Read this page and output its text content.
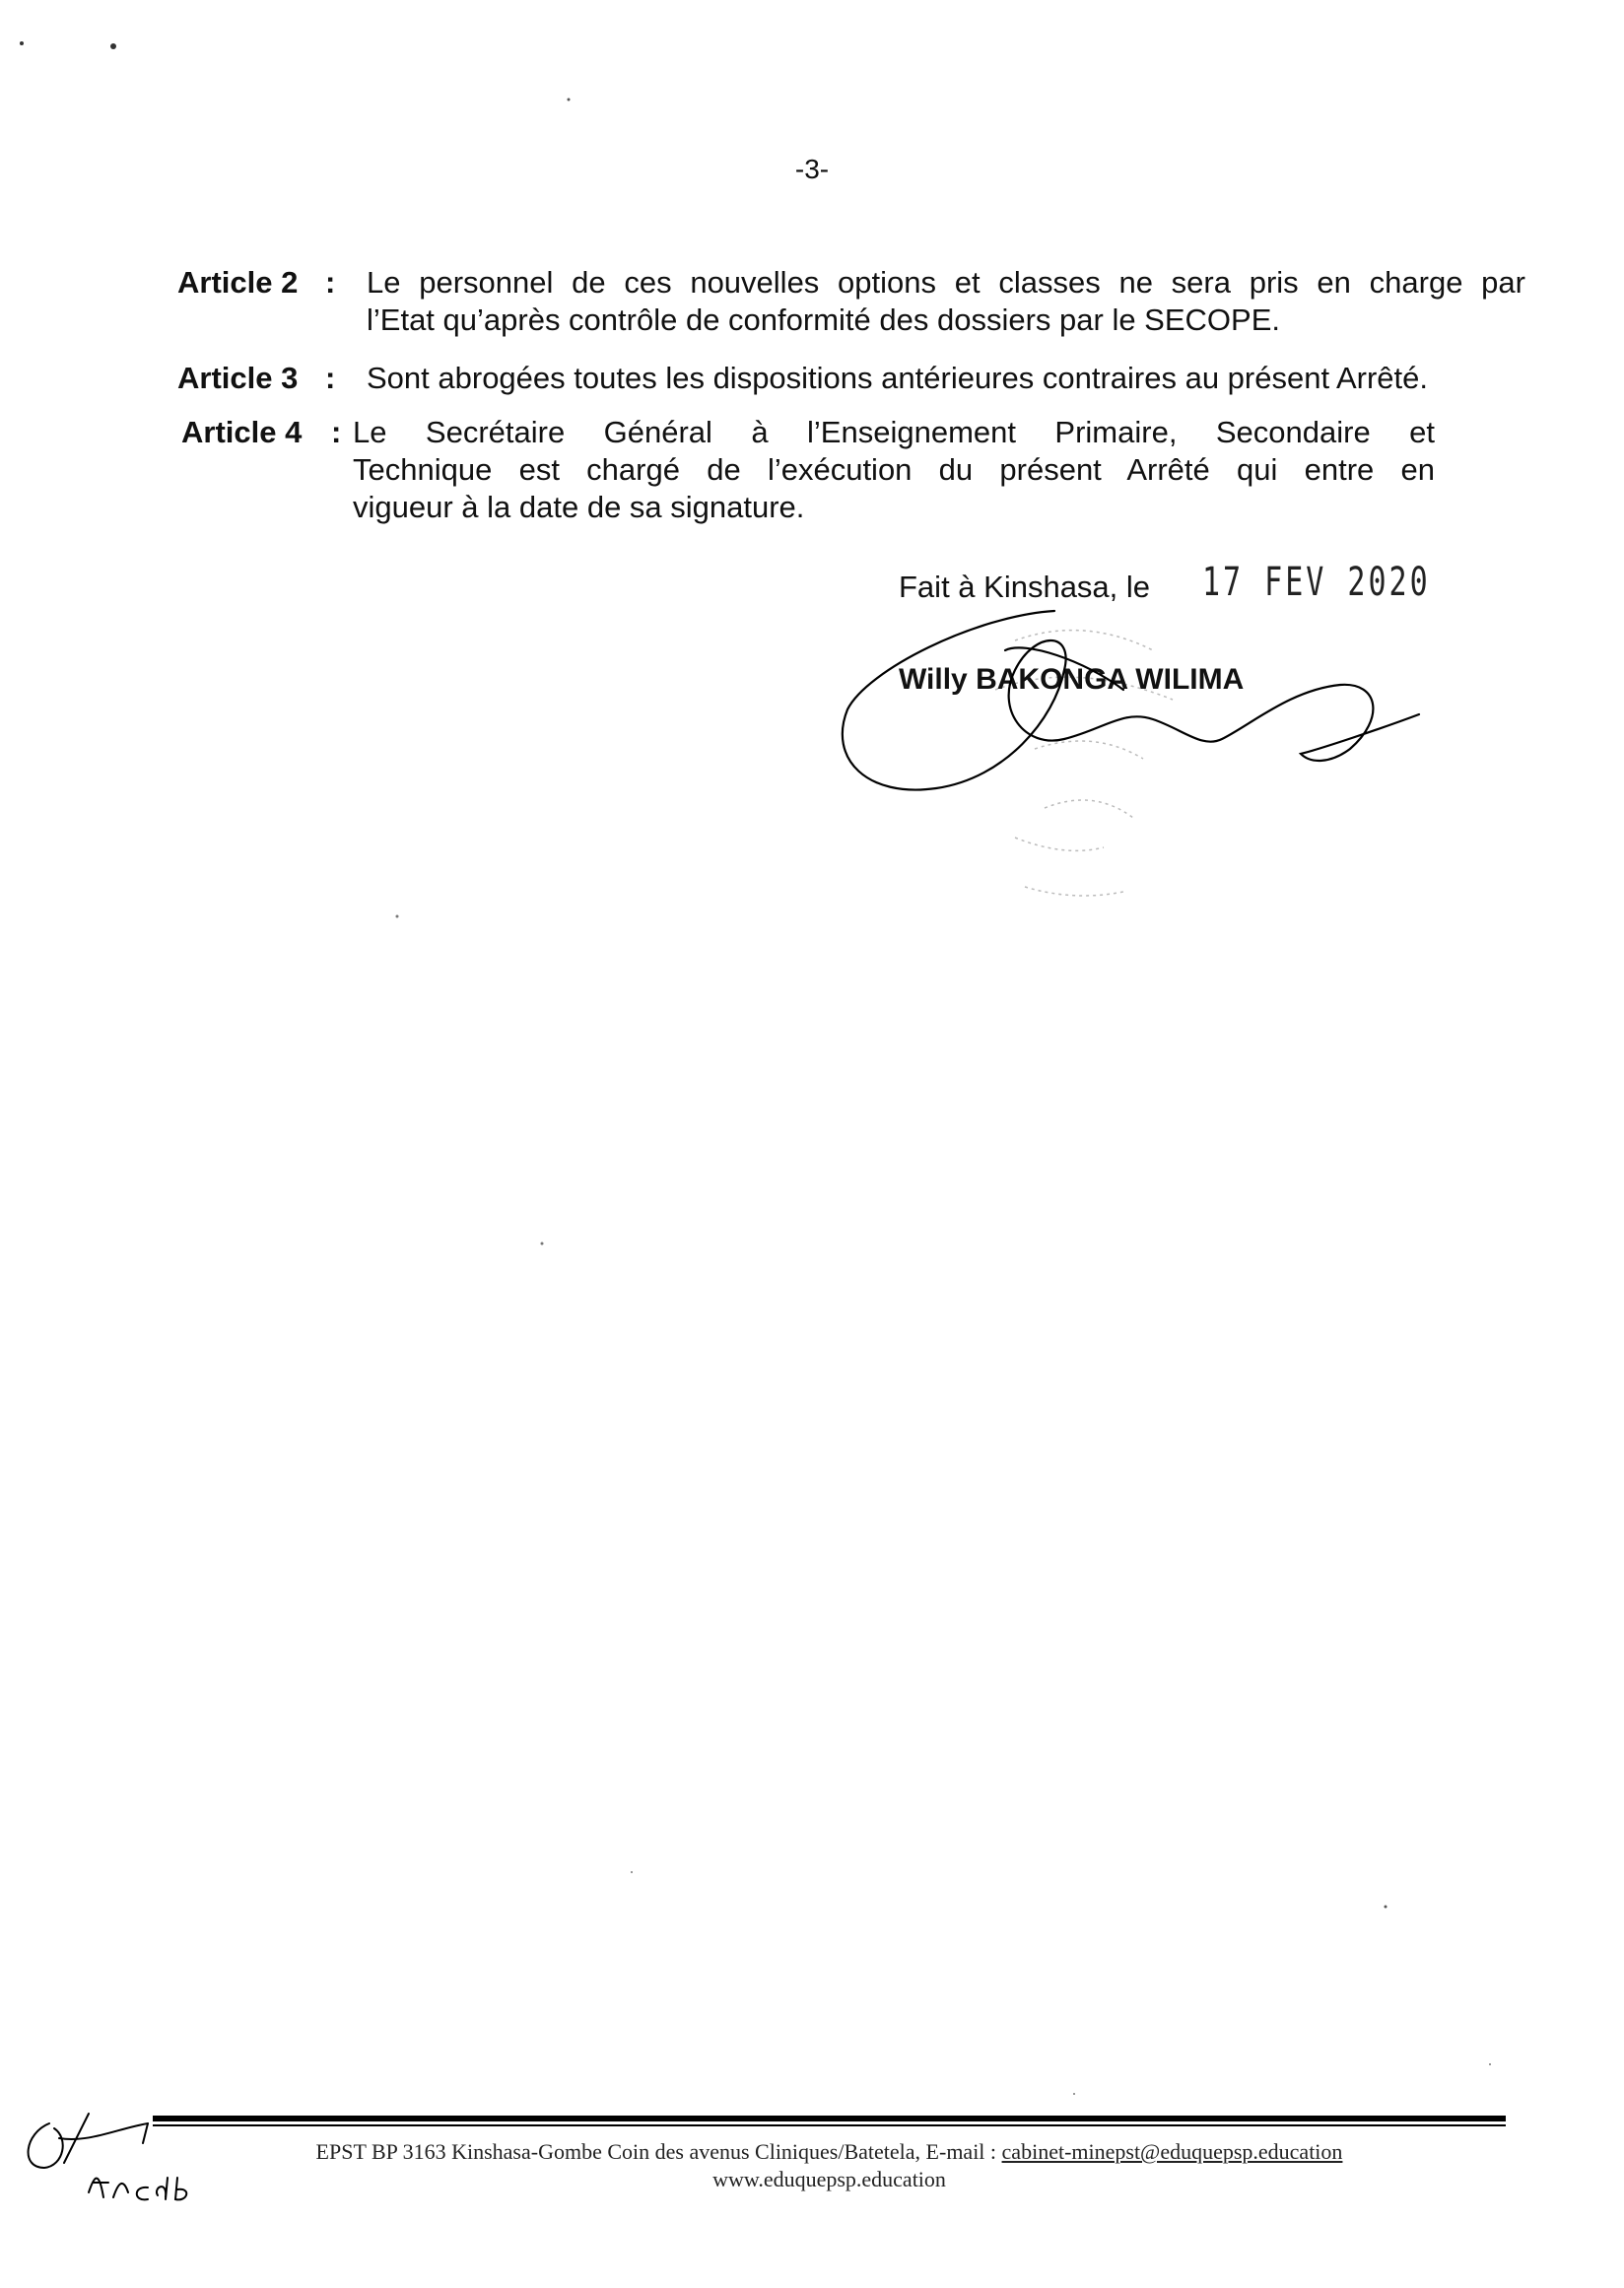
-3-
Article 2 : Le personnel de ces nouvelles options et classes ne sera pris en charge par
l’Etat qu’après contrôle de conformité des dossiers par le SECOPE.
Article 3 : Sont abrogées toutes les dispositions antérieures contraires au présent Arrêté.
Article 4 : Le Secrétaire Général à l’Enseignement Primaire, Secondaire et
Technique est chargé de l’exécution du présent Arrêté qui entre en
vigueur à la date de sa signature.
Fait à Kinshasa, le 17 FEV 2020
Willy BAKONGA WILIMA
EPST BP 3163 Kinshasa-Gombe Coin des avenus Cliniques/Batetela, E-mail : cabinet-minepst@eduquepsp.education
www.eduquepsp.education
